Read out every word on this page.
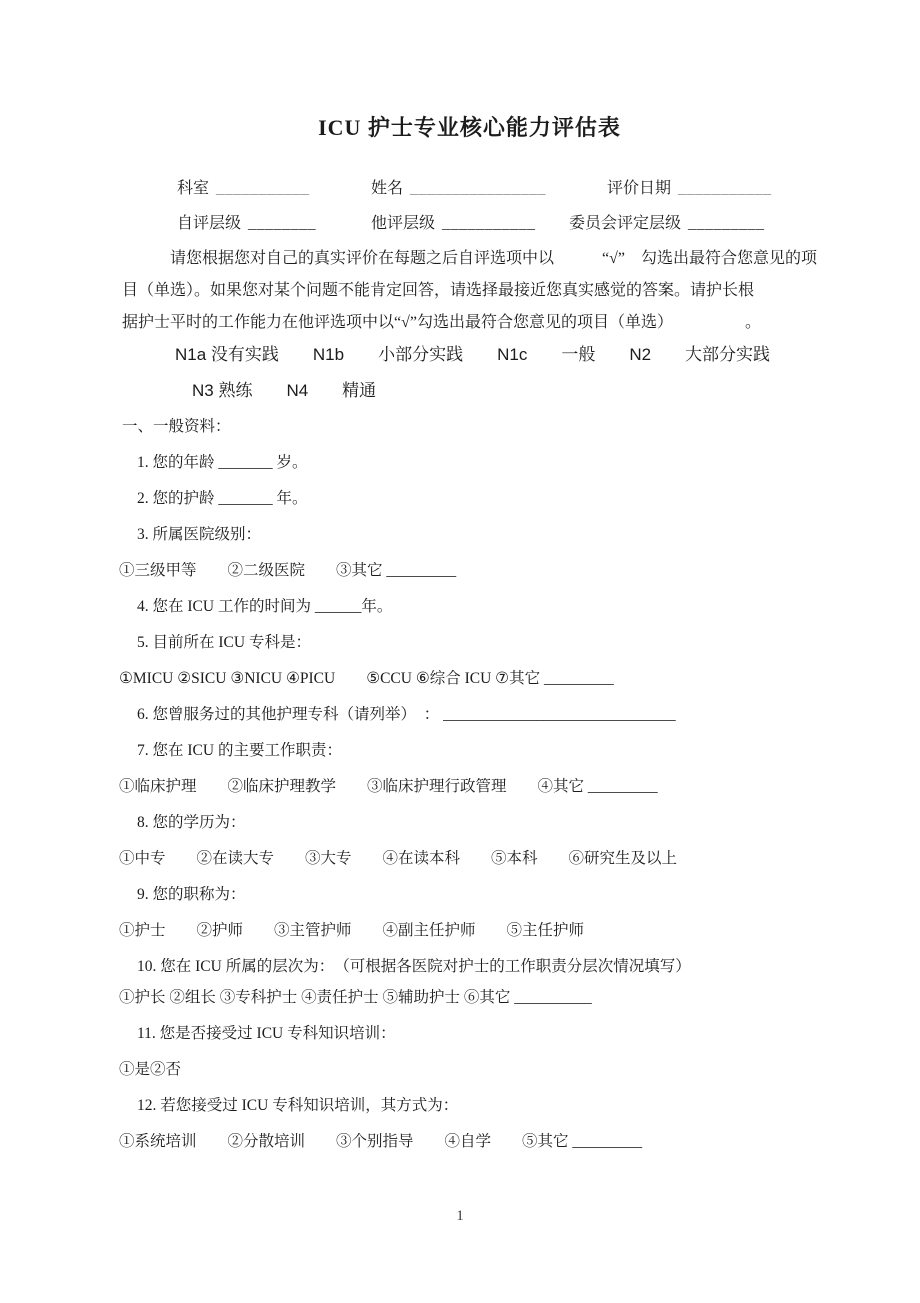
ICU 护士专业核心能力评估表
科室 ___________	姓名 ________________	评价日期 ___________
自评层级 ________	他评层级 ___________ 委员会评定层级 _________

请您根据您对自己的真实评价在每题之后自评选项中以　　　“√”　勾选出最符合您意见的项

目（单选）。如果您对某个问题不能肯定回答，请选择最接近您真实感觉的答案。请护长根

据护士平时的工作能力在他评选项中以“√”勾选出最符合您意见的项目（单选）　　　　　。

N1a 没有实践　　N1b　　小部分实践　　N1c　　一般　　N2　　大部分实践

N3 熟练　　N4　　精通

一、一般资料：

1. 您的年龄 _______ 岁。

2. 您的护龄 _______ 年。

3. 所属医院级别：

①三级甲等　　②二级医院　　③其它 _________

4. 您在 ICU 工作的时间为 ______年。

5. 目前所在 ICU 专科是：

①MICU ②SICU ③NICU ④PICU　　⑤CCU ⑥综合 ICU ⑦其它 _________

6. 您曾服务过的其他护理专科（请列举）　： ______________________________

7. 您在 ICU 的主要工作职责：

①临床护理　　②临床护理教学　　③临床护理行政管理　　④其它 _________

8. 您的学历为：

①中专　　②在读大专　　③大专　　④在读本科　　⑤本科　　⑥研究生及以上

9. 您的职称为：

①护士　　②护师　　③主管护师　　④副主任护师　　⑤主任护师

10. 您在 ICU 所属的层次为：　（可根据各医院对护士的工作职责分层次情况填写）

①护长 ②组长 ③专科护士 ④责任护士 ⑤辅助护士 ⑥其它 __________

11. 您是否接受过 ICU 专科知识培训：

①是②否

12. 若您接受过 ICU 专科知识培训，其方式为：

①系统培训　　②分散培训　　③个别指导　　④自学　　⑤其它 _________

1
